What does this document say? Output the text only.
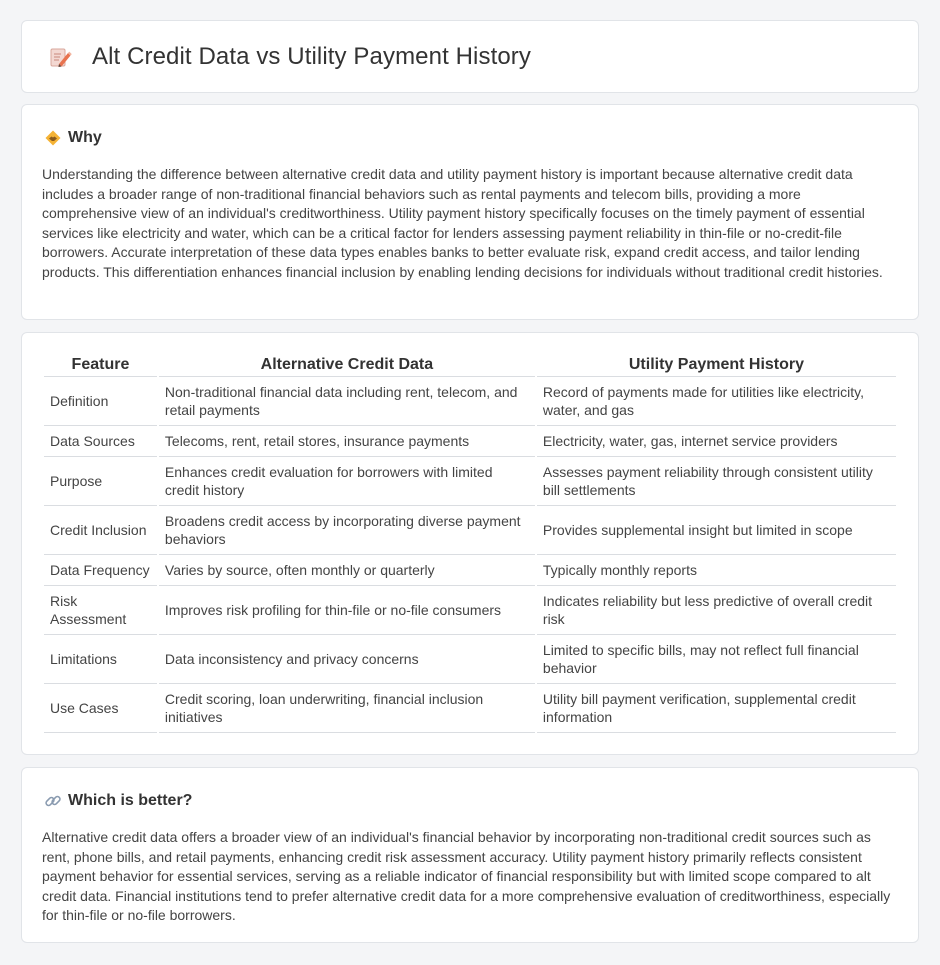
Alt Credit Data vs Utility Payment History
Why

Understanding the difference between alternative credit data and utility payment history is important because alternative credit data includes a broader range of non-traditional financial behaviors such as rental payments and telecom bills, providing a more comprehensive view of an individual's creditworthiness. Utility payment history specifically focuses on the timely payment of essential services like electricity and water, which can be a critical factor for lenders assessing payment reliability in thin-file or no-credit-file borrowers. Accurate interpretation of these data types enables banks to better evaluate risk, expand credit access, and tailor lending products. This differentiation enhances financial inclusion by enabling lending decisions for individuals without traditional credit histories.

Feature	Alternative Credit Data	Utility Payment History
Definition	Non-traditional financial data including rent, telecom, and retail payments	Record of payments made for utilities like electricity, water, and gas
Data Sources	Telecoms, rent, retail stores, insurance payments	Electricity, water, gas, internet service providers
Purpose	Enhances credit evaluation for borrowers with limited credit history	Assesses payment reliability through consistent utility bill settlements
Credit Inclusion	Broadens credit access by incorporating diverse payment behaviors	Provides supplemental insight but limited in scope
Data Frequency	Varies by source, often monthly or quarterly	Typically monthly reports
Risk Assessment	Improves risk profiling for thin-file or no-file consumers	Indicates reliability but less predictive of overall credit risk
Limitations	Data inconsistency and privacy concerns	Limited to specific bills, may not reflect full financial behavior
Use Cases	Credit scoring, loan underwriting, financial inclusion initiatives	Utility bill payment verification, supplemental credit information
Which is better?

Alternative credit data offers a broader view of an individual's financial behavior by incorporating non-traditional credit sources such as rent, phone bills, and retail payments, enhancing credit risk assessment accuracy. Utility payment history primarily reflects consistent payment behavior for essential services, serving as a reliable indicator of financial responsibility but with limited scope compared to alt credit data. Financial institutions tend to prefer alternative credit data for a more comprehensive evaluation of creditworthiness, especially for thin-file or no-file borrowers.
